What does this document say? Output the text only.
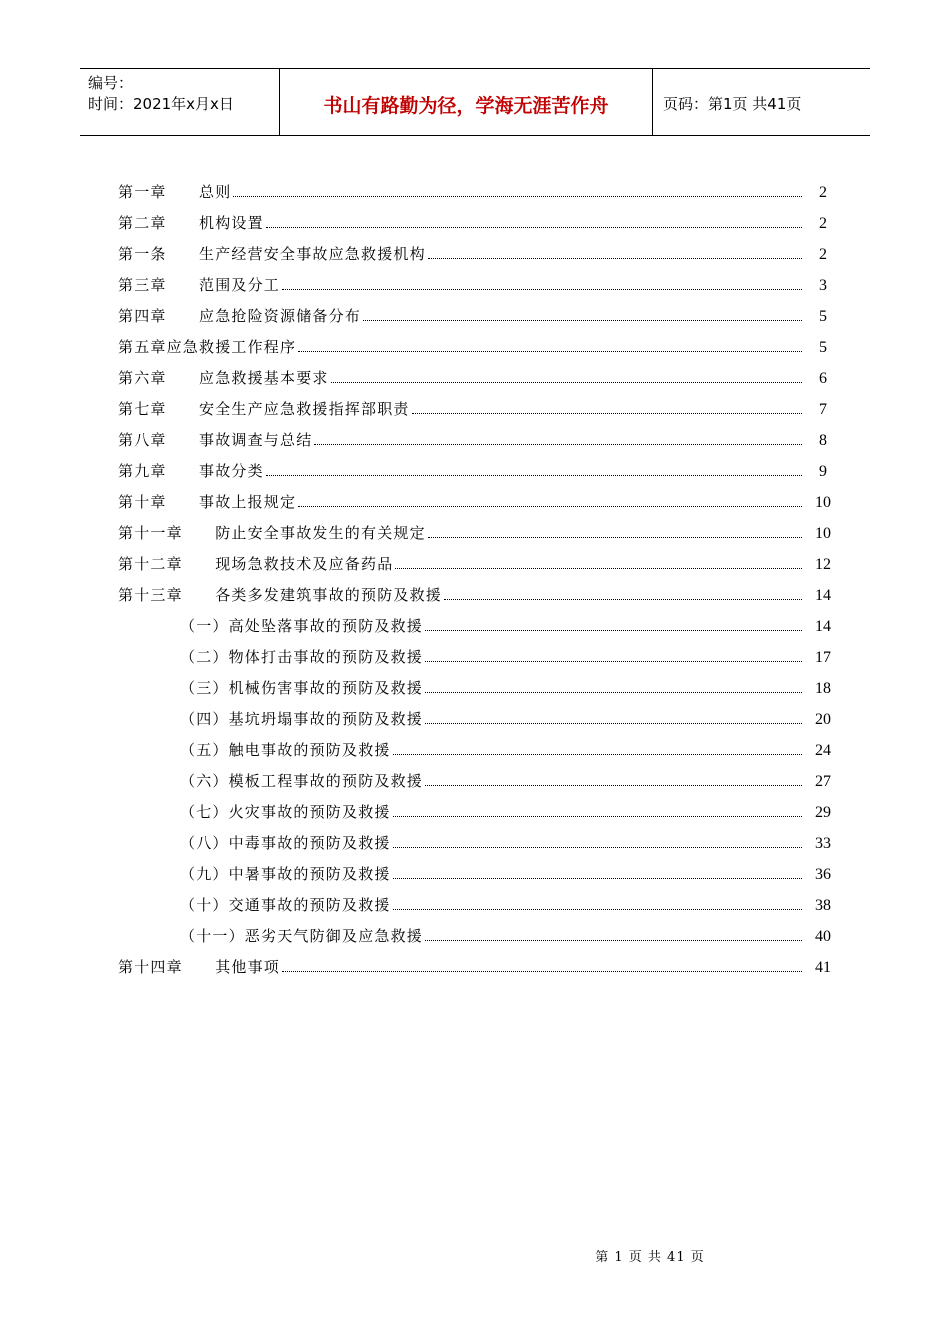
编号：
时间：2021年x月x日	书山有路勤为径，学海无涯苦作舟	页码：第1页 共41页
第一章　　总则	2
第二章　　机构设置	2
第一条　　生产经营安全事故应急救援机构	2
第三章　　范围及分工	3
第四章　　应急抢险资源储备分布	5
第五章应急救援工作程序	5
第六章　　应急救援基本要求	6
第七章　　安全生产应急救援指挥部职责	7
第八章　　事故调查与总结	8
第九章　　事故分类	9
第十章　　事故上报规定	10
第十一章　　防止安全事故发生的有关规定	10
第十二章　　现场急救技术及应备药品	12
第十三章　　各类多发建筑事故的预防及救援	14
（一）高处坠落事故的预防及救援	14
（二）物体打击事故的预防及救援	17
（三）机械伤害事故的预防及救援	18
（四）基坑坍塌事故的预防及救援	20
（五）触电事故的预防及救援	24
（六）模板工程事故的预防及救援	27
（七）火灾事故的预防及救援	29
（八）中毒事故的预防及救援	33
（九）中暑事故的预防及救援	36
（十）交通事故的预防及救援	38
（十一）恶劣天气防御及应急救援	40
第十四章　　其他事项	41
第 1 页 共 41 页
